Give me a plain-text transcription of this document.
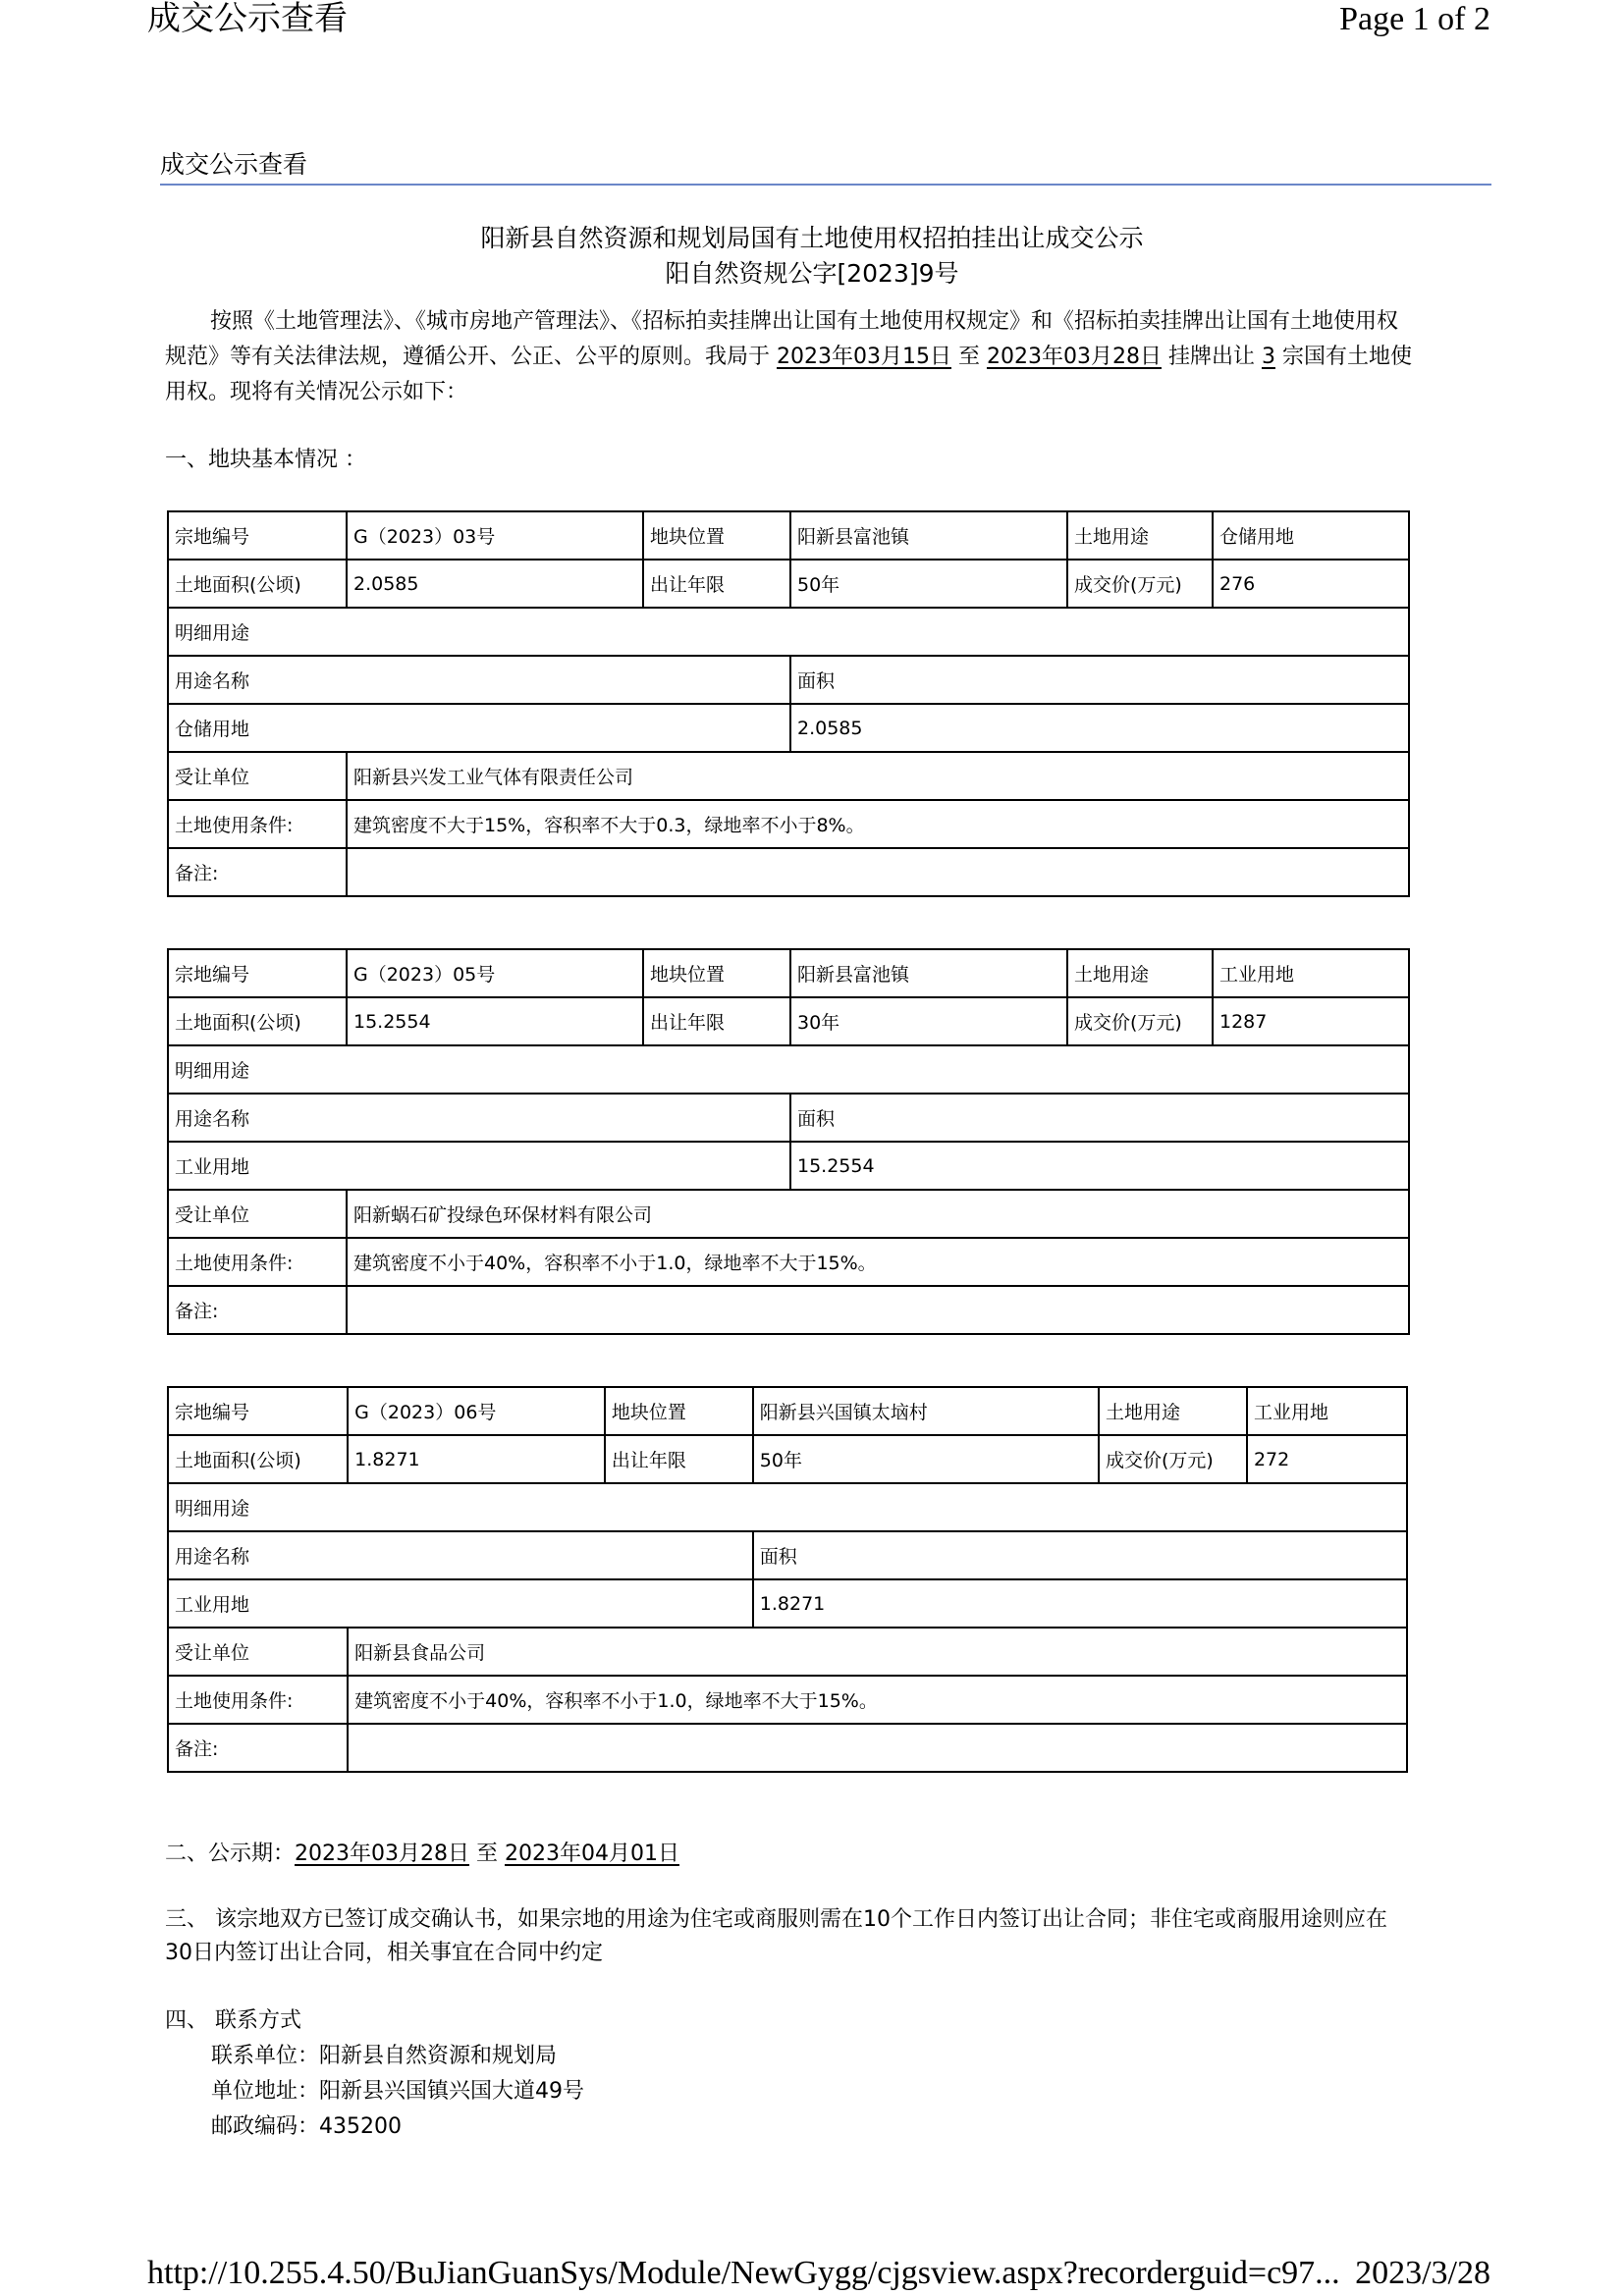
成交公示查看	Page 1 of 2
成交公示查看
阳新县自然资源和规划局国有土地使用权招拍挂出让成交公示
阳自然资规公字[2023]9号
按照《土地管理法》、《城市房地产管理法》、《招标拍卖挂牌出让国有土地使用权规定》和《招标拍卖挂牌出让国有土地使用权规范》等有关法律法规，遵循公开、公正、公平的原则。我局于 2023年03月15日 至 2023年03月28日 挂牌出让 3 宗国有土地使用权。现将有关情况公示如下：
一、地块基本情况 ：
宗地编号	G（2023）03号	地块位置	阳新县富池镇	土地用途	仓储用地
土地面积(公顷)	2.0585	出让年限	50年	成交价(万元)	276
明细用途					
用途名称			面积		
仓储用地			2.0585		
受让单位	阳新县兴发工业气体有限责任公司				
土地使用条件:	建筑密度不大于15%，容积率不大于0.3，绿地率不小于8%。				
备注:					
宗地编号	G（2023）05号	地块位置	阳新县富池镇	土地用途	工业用地
土地面积(公顷)	15.2554	出让年限	30年	成交价(万元)	1287
明细用途					
用途名称			面积		
工业用地			15.2554		
受让单位	阳新蜗石矿投绿色环保材料有限公司				
土地使用条件:	建筑密度不小于40%，容积率不小于1.0，绿地率不大于15%。				
备注:					
宗地编号	G（2023）06号	地块位置	阳新县兴国镇太垴村	土地用途	工业用地
土地面积(公顷)	1.8271	出让年限	50年	成交价(万元)	272
明细用途					
用途名称			面积		
工业用地			1.8271		
受让单位	阳新县食品公司				
土地使用条件:	建筑密度不小于40%，容积率不小于1.0，绿地率不大于15%。				
备注:					
二、公示期：2023年03月28日 至 2023年04月01日
三、 该宗地双方已签订成交确认书，如果宗地的用途为住宅或商服则需在10个工作日内签订出让合同；非住宅或商服用途则应在30日内签订出让合同，相关事宜在合同中约定
四、 联系方式
联系单位：阳新县自然资源和规划局
单位地址：阳新县兴国镇兴国大道49号
邮政编码：435200
http://10.255.4.50/BuJianGuanSys/Module/NewGygg/cjgsview.aspx?recorderguid=c97... 2023/3/28
